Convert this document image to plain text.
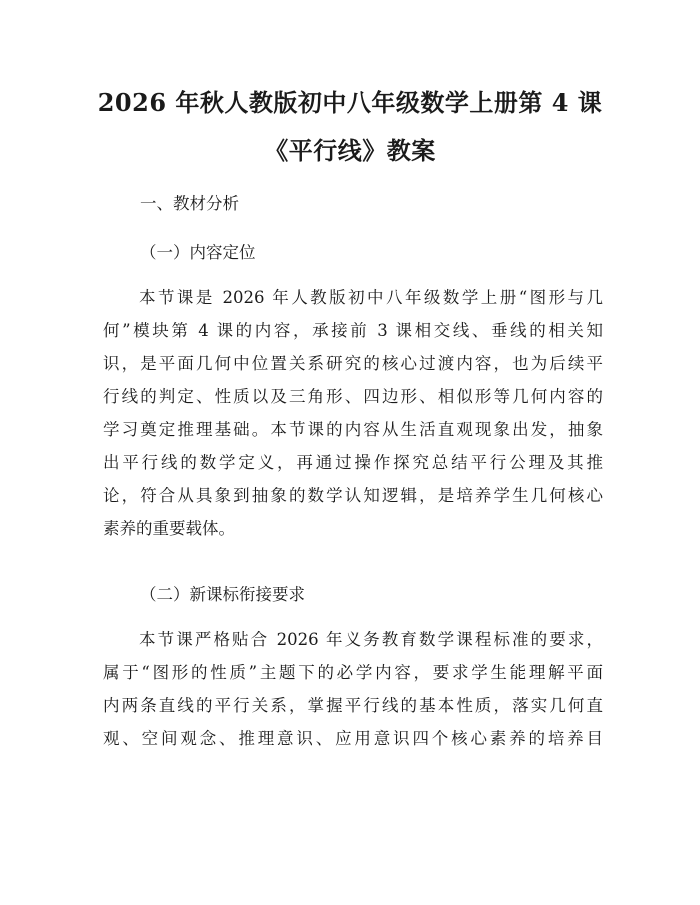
2026 年秋人教版初中八年级数学上册第 4 课
《平行线》教案
一、教材分析
（一）内容定位
本节课是 2026 年人教版初中八年级数学上册“图形与几
何”模块第 4 课的内容，承接前 3 课相交线、垂线的相关知
识，是平面几何中位置关系研究的核心过渡内容，也为后续平
行线的判定、性质以及三角形、四边形、相似形等几何内容的
学习奠定推理基础。本节课的内容从生活直观现象出发，抽象
出平行线的数学定义，再通过操作探究总结平行公理及其推
论，符合从具象到抽象的数学认知逻辑，是培养学生几何核心
素养的重要载体。
（二）新课标衔接要求
本节课严格贴合 2026 年义务教育数学课程标准的要求，
属于“图形的性质”主题下的必学内容，要求学生能理解平面
内两条直线的平行关系，掌握平行线的基本性质，落实几何直
观、空间观念、推理意识、应用意识四个核心素养的培养目
